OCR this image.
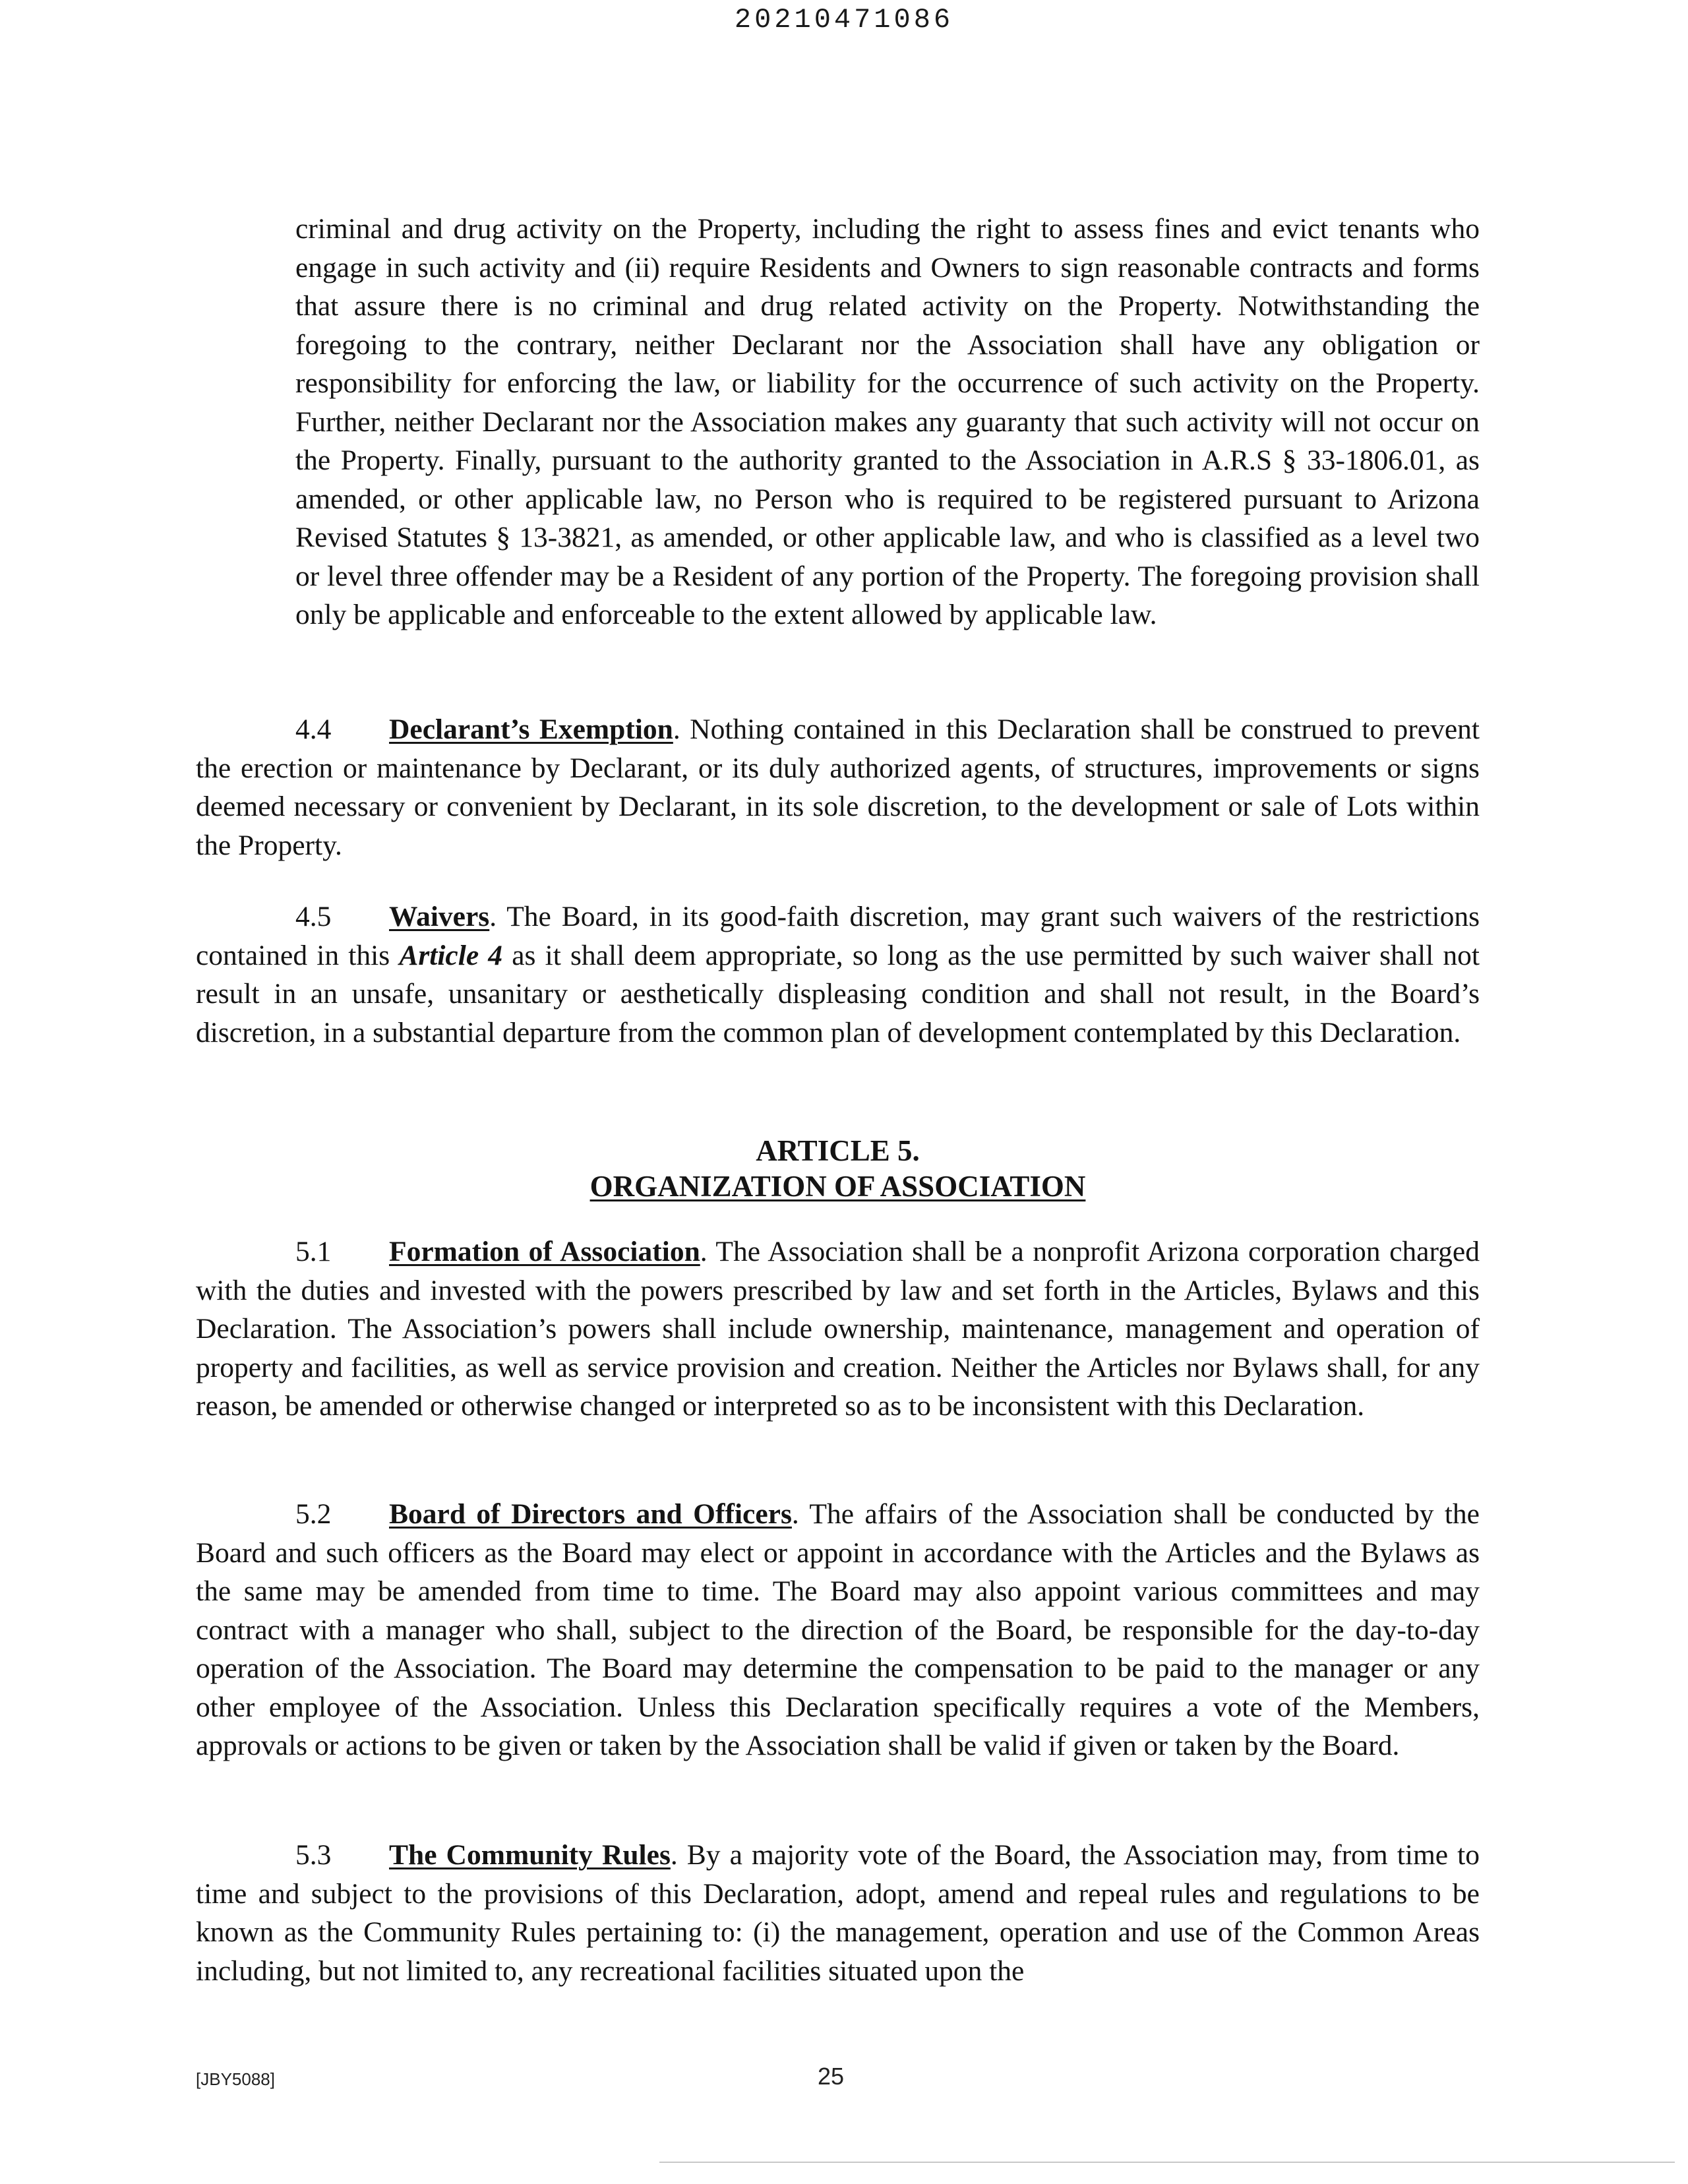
20210471086

criminal and drug activity on the Property, including the right to assess fines and evict tenants who engage in such activity and (ii) require Residents and Owners to sign reasonable contracts and forms that assure there is no criminal and drug related activity on the Property. Notwithstanding the foregoing to the contrary, neither Declarant nor the Association shall have any obligation or responsibility for enforcing the law, or liability for the occurrence of such activity on the Property. Further, neither Declarant nor the Association makes any guaranty that such activity will not occur on the Property. Finally, pursuant to the authority granted to the Association in A.R.S § 33-1806.01, as amended, or other applicable law, no Person who is required to be registered pursuant to Arizona Revised Statutes § 13-3821, as amended, or other applicable law, and who is classified as a level two or level three offender may be a Resident of any portion of the Property. The foregoing provision shall only be applicable and enforceable to the extent allowed by applicable law.

4.4 Declarant’s Exemption. Nothing contained in this Declaration shall be construed to prevent the erection or maintenance by Declarant, or its duly authorized agents, of structures, improvements or signs deemed necessary or convenient by Declarant, in its sole discretion, to the development or sale of Lots within the Property.

4.5 Waivers. The Board, in its good-faith discretion, may grant such waivers of the restrictions contained in this Article 4 as it shall deem appropriate, so long as the use permitted by such waiver shall not result in an unsafe, unsanitary or aesthetically displeasing condition and shall not result, in the Board’s discretion, in a substantial departure from the common plan of development contemplated by this Declaration.

ARTICLE 5.
ORGANIZATION OF ASSOCIATION

5.1 Formation of Association. The Association shall be a nonprofit Arizona corporation charged with the duties and invested with the powers prescribed by law and set forth in the Articles, Bylaws and this Declaration. The Association’s powers shall include ownership, maintenance, management and operation of property and facilities, as well as service provision and creation. Neither the Articles nor Bylaws shall, for any reason, be amended or otherwise changed or interpreted so as to be inconsistent with this Declaration.

5.2 Board of Directors and Officers. The affairs of the Association shall be conducted by the Board and such officers as the Board may elect or appoint in accordance with the Articles and the Bylaws as the same may be amended from time to time. The Board may also appoint various committees and may contract with a manager who shall, subject to the direction of the Board, be responsible for the day-to-day operation of the Association. The Board may determine the compensation to be paid to the manager or any other employee of the Association. Unless this Declaration specifically requires a vote of the Members, approvals or actions to be given or taken by the Association shall be valid if given or taken by the Board.

5.3 The Community Rules. By a majority vote of the Board, the Association may, from time to time and subject to the provisions of this Declaration, adopt, amend and repeal rules and regulations to be known as the Community Rules pertaining to: (i) the management, operation and use of the Common Areas including, but not limited to, any recreational facilities situated upon the

[JBY5088]	25
